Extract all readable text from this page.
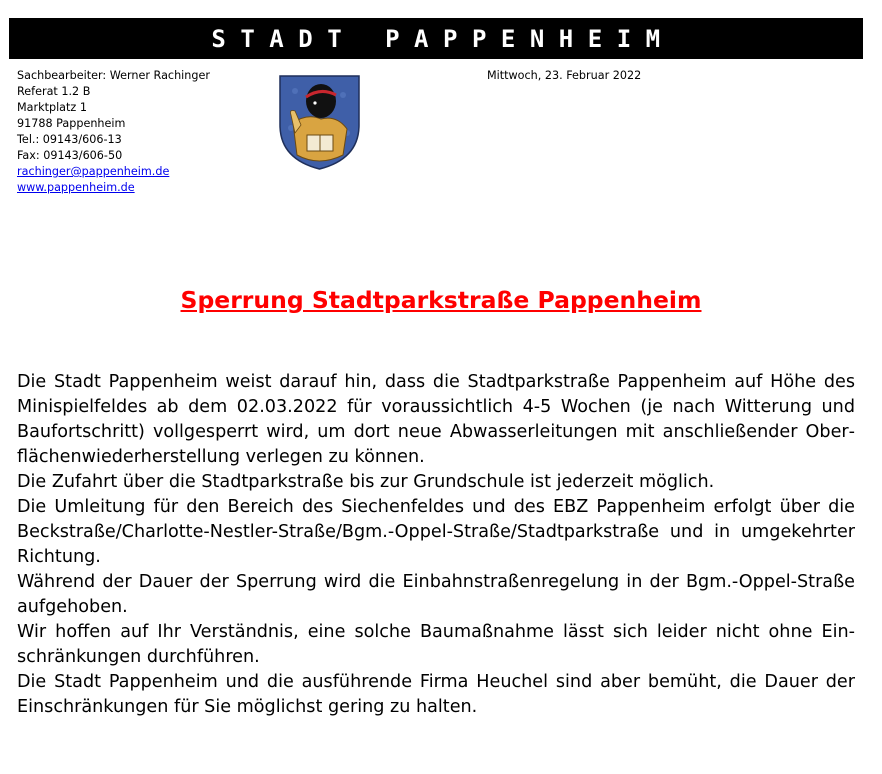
STADT PAPPENHEIM
Sachbearbeiter: Werner Rachinger
Referat 1.2 B
Marktplatz 1
91788 Pappenheim
Tel.: 09143/606-13
Fax: 09143/606-50
rachinger@pappenheim.de
www.pappenheim.de
Mittwoch, 23. Februar 2022
Sperrung Stadtparkstraße Pappenheim

Die Stadt Pappenheim weist darauf hin, dass die Stadtparkstraße Pappenheim auf Höhe des Minispielfeldes ab dem 02.03.2022 für voraussichtlich 4-5 Wochen (je nach Witterung und Baufortschritt) vollgesperrt wird, um dort neue Abwasserleitungen mit anschließender Oberflächenwiederherstellung verlegen zu können.

Die Zufahrt über die Stadtparkstraße bis zur Grundschule ist jederzeit möglich.

Die Umleitung für den Bereich des Siechenfeldes und des EBZ Pappenheim erfolgt über die Beckstraße/Charlotte-Nestler-Straße/Bgm.-Oppel-Straße/Stadtparkstraße und in umgekehrter Richtung.

Während der Dauer der Sperrung wird die Einbahnstraßenregelung in der Bgm.-Oppel-Straße aufgehoben.

Wir hoffen auf Ihr Verständnis, eine solche Baumaßnahme lässt sich leider nicht ohne Einschränkungen durchführen.

Die Stadt Pappenheim und die ausführende Firma Heuchel sind aber bemüht, die Dauer der Einschränkungen für Sie möglichst gering zu halten.
